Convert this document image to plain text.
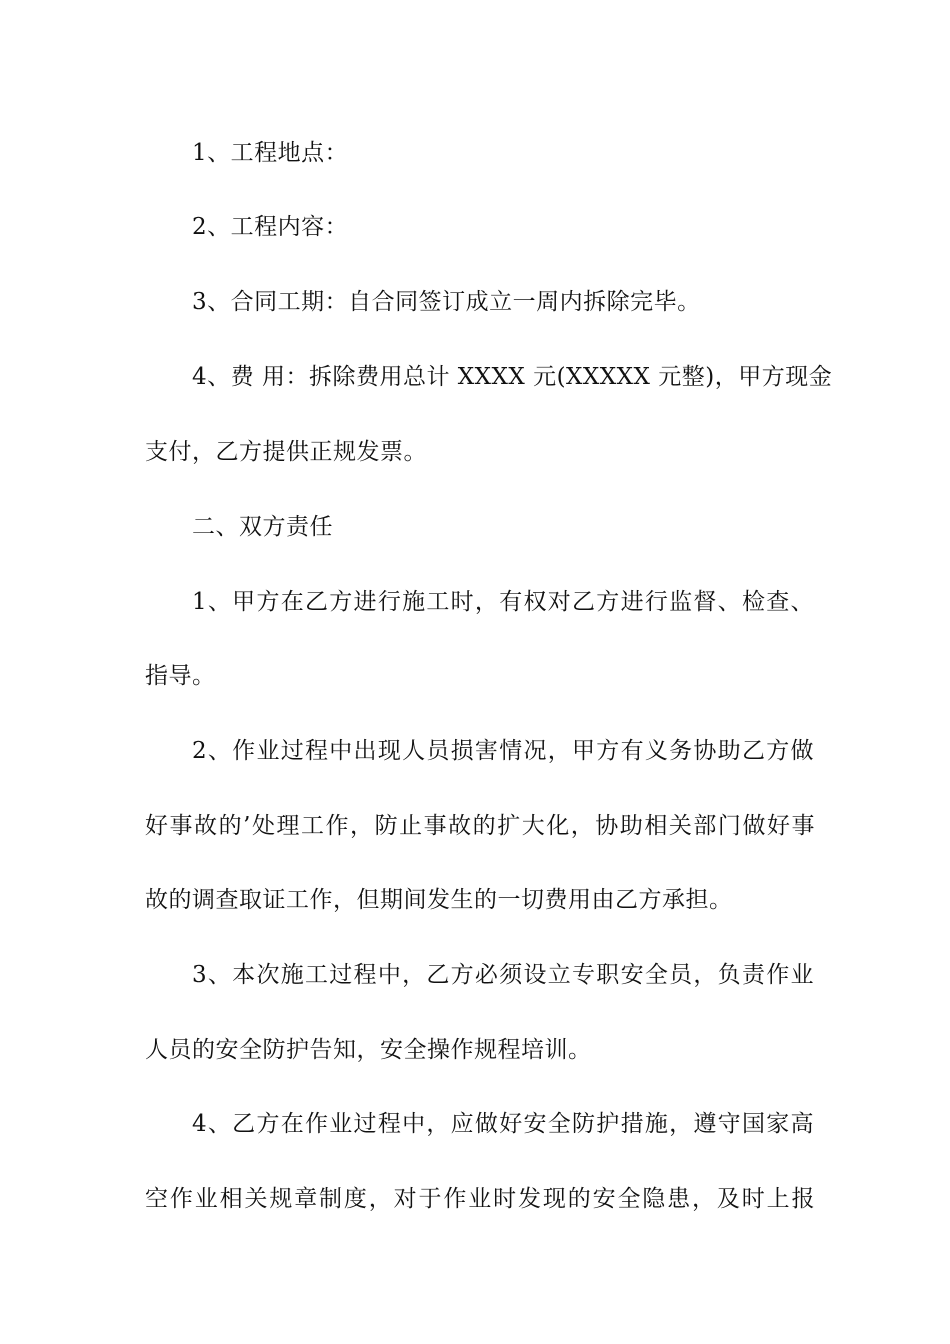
1、工程地点：

2、工程内容：

3、合同工期：自合同签订成立一周内拆除完毕。

4、费 用：拆除费用总计 XXXX 元(XXXXX 元整)，甲方现金

支付，乙方提供正规发票。

二、双方责任

1、甲方在乙方进行施工时，有权对乙方进行监督、检查、

指导。

2、作业过程中出现人员损害情况，甲方有义务协助乙方做

好事故的’处理工作，防止事故的扩大化，协助相关部门做好事

故的调查取证工作，但期间发生的一切费用由乙方承担。

3、本次施工过程中，乙方必须设立专职安全员，负责作业

人员的安全防护告知，安全操作规程培训。

4、乙方在作业过程中，应做好安全防护措施，遵守国家高

空作业相关规章制度，对于作业时发现的安全隐患，及时上报
